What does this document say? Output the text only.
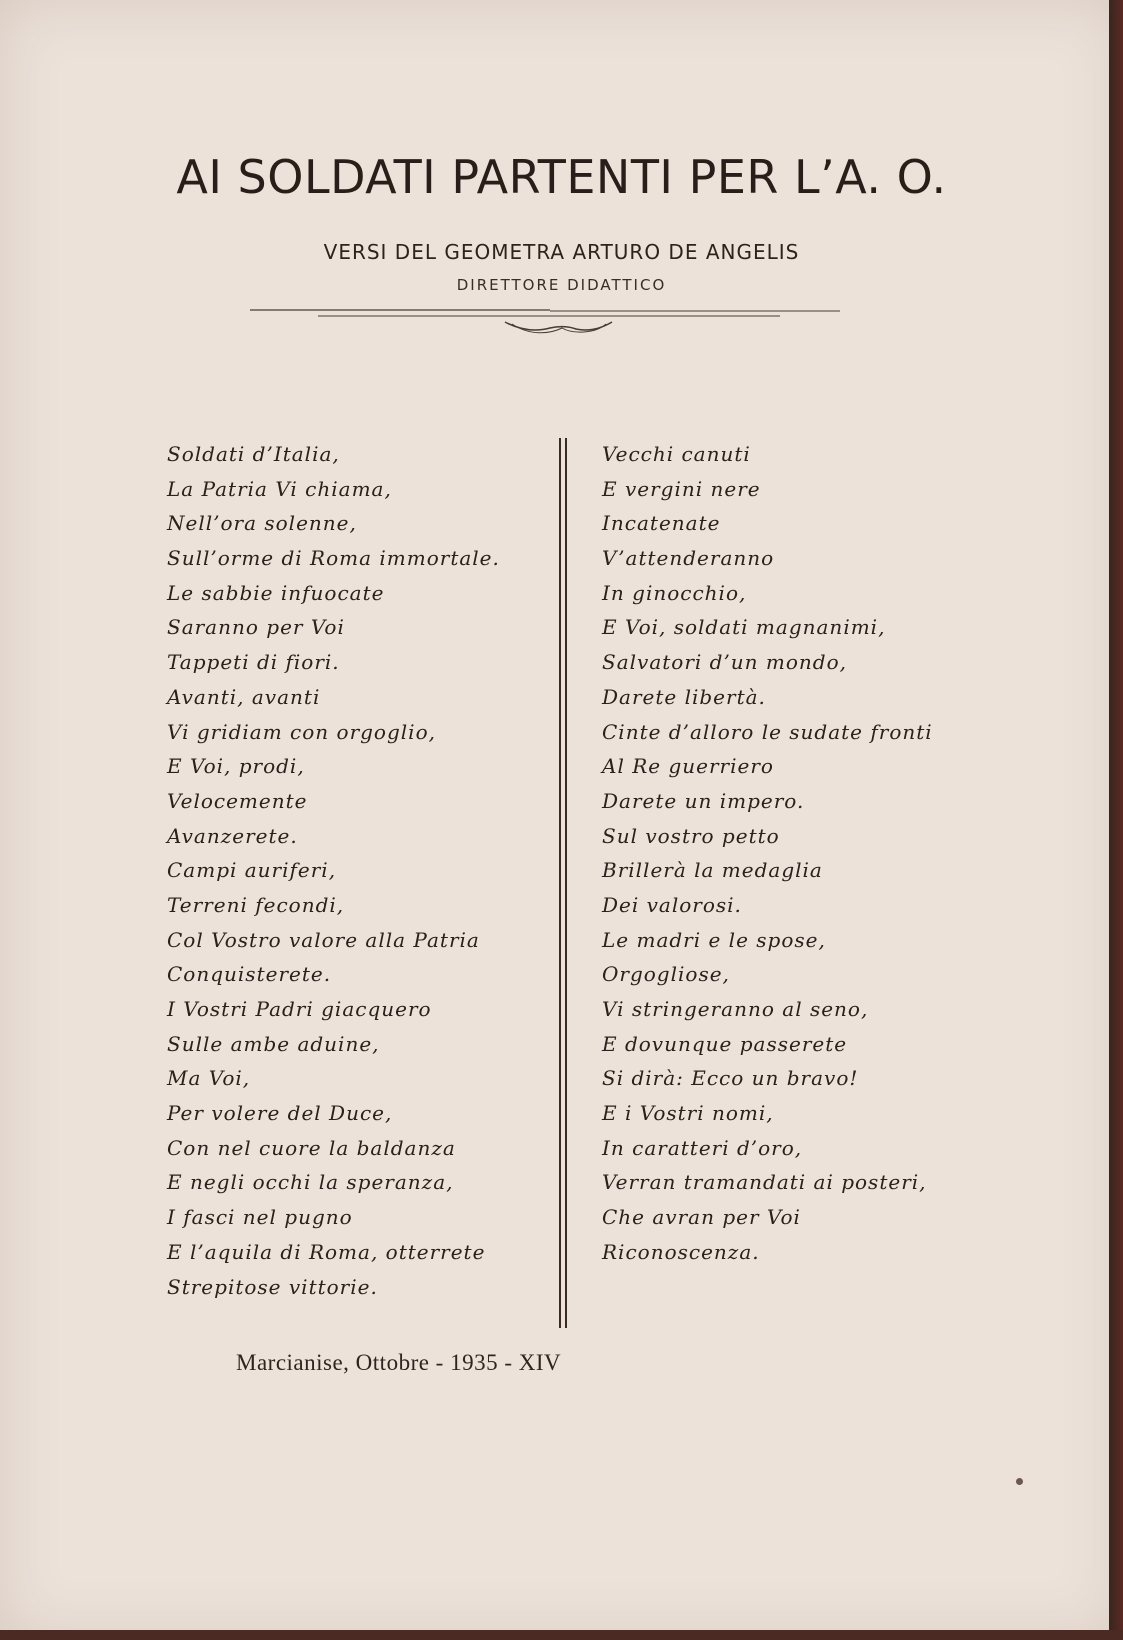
AI SOLDATI PARTENTI PER L’A. O.
VERSI DEL GEOMETRA ARTURO DE ANGELIS
DIRETTORE DIDATTICO
Soldati d’Italia,
La Patria Vi chiama,
Nell’ora solenne,
Sull’orme di Roma immortale.
Le sabbie infuocate
Saranno per Voi
Tappeti di fiori.
Avanti, avanti
Vi gridiam con orgoglio,
E Voi, prodi,
Velocemente
Avanzerete.
Campi auriferi,
Terreni fecondi,
Col Vostro valore alla Patria
Conquisterete.
I Vostri Padri giacquero
Sulle ambe aduine,
Ma Voi,
Per volere del Duce,
Con nel cuore la baldanza
E negli occhi la speranza,
I fasci nel pugno
E l’aquila di Roma, otterrete
Strepitose vittorie.
Vecchi canuti
E vergini nere
Incatenate
V’attenderanno
In ginocchio,
E Voi, soldati magnanimi,
Salvatori d’un mondo,
Darete libertà.
Cinte d’alloro le sudate fronti
Al Re guerriero
Darete un impero.
Sul vostro petto
Brillerà la medaglia
Dei valorosi.
Le madri e le spose,
Orgogliose,
Vi stringeranno al seno,
E dovunque passerete
Si dirà: Ecco un bravo!
E i Vostri nomi,
In caratteri d’oro,
Verran tramandati ai posteri,
Che avran per Voi
Riconoscenza.
Marcianise, Ottobre - 1935 - XIV
